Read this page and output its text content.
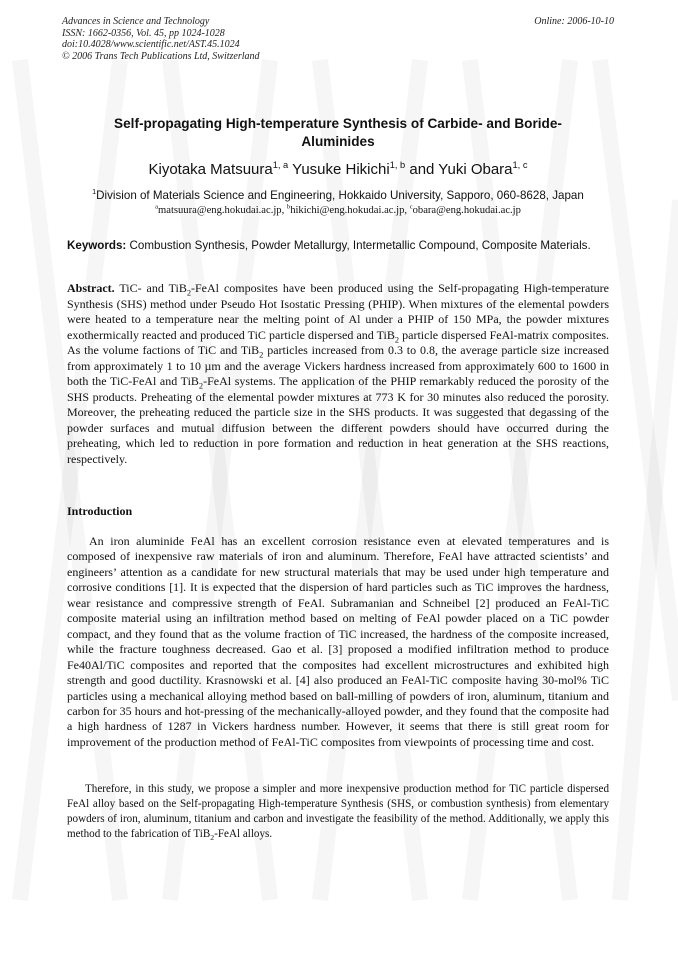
Advances in Science and Technology
ISSN: 1662-0356, Vol. 45, pp 1024-1028
doi:10.4028/www.scientific.net/AST.45.1024
© 2006 Trans Tech Publications Ltd, Switzerland
Online: 2006-10-10
Self-propagating High-temperature Synthesis of Carbide- and Boride-
Aluminides
Kiyotaka Matsuura$^{1, a}$ Yusuke Hikichi$^{1, b}$ and Yuki Obara$^{1, c}$
$^1$Division of Materials Science and Engineering, Hokkaido University, Sapporo, 060-8628, Japan
$^a$matsuura@eng.hokudai.ac.jp, $^b$hikichi@eng.hokudai.ac.jp, $^c$obara@eng.hokudai.ac.jp
Keywords: Combustion Synthesis, Powder Metallurgy, Intermetallic Compound, Composite Materials.
Abstract. TiC- and TiB$_2$-FeAl composites have been produced using the Self-propagating High-temperature Synthesis (SHS) method under Pseudo Hot Isostatic Pressing (PHIP). When mixtures of the elemental powders were heated to a temperature near the melting point of Al under a PHIP of 150 MPa, the powder mixtures exothermically reacted and produced TiC particle dispersed and TiB$_2$ particle dispersed FeAl-matrix composites. As the volume factions of TiC and TiB$_2$ particles increased from 0.3 to 0.8, the average particle size increased from approximately 1 to 10 µm and the average Vickers hardness increased from approximately 600 to 1600 in both the TiC-FeAl and TiB$_2$-FeAl systems. The application of the PHIP remarkably reduced the porosity of the SHS products. Preheating of the elemental powder mixtures at 773 K for 30 minutes also reduced the porosity. Moreover, the preheating reduced the particle size in the SHS products. It was suggested that degassing of the powder surfaces and mutual diffusion between the different powders should have occurred during the preheating, which led to reduction in pore formation and reduction in heat generation at the SHS reactions, respectively.
Introduction

An iron aluminide FeAl has an excellent corrosion resistance even at elevated temperatures and is composed of inexpensive raw materials of iron and aluminum. Therefore, FeAl have attracted scientists’ and engineers’ attention as a candidate for new structural materials that may be used under high temperature and corrosive conditions [1]. It is expected that the dispersion of hard particles such as TiC improves the hardness, wear resistance and compressive strength of FeAl. Subramanian and Schneibel [2] produced an FeAl-TiC composite material using an infiltration method based on melting of FeAl powder placed on a TiC powder compact, and they found that as the volume fraction of TiC increased, the hardness of the composite increased, while the fracture toughness decreased. Gao et al. [3] proposed a modified infiltration method to produce Fe40Al/TiC composites and reported that the composites had excellent microstructures and exhibited high strength and good ductility. Krasnowski et al. [4] also produced an FeAl-TiC composite having 30-mol% TiC particles using a mechanical alloying method based on ball-milling of powders of iron, aluminum, titanium and carbon for 35 hours and hot-pressing of the mechanically-alloyed powder, and they found that the composite had a high hardness of 1287 in Vickers hardness number. However, it seems that there is still great room for improvement of the production method of FeAl-TiC composites from viewpoints of processing time and cost.

Therefore, in this study, we propose a simpler and more inexpensive production method for TiC particle dispersed FeAl alloy based on the Self-propagating High-temperature Synthesis (SHS, or combustion synthesis) from elementary powders of iron, aluminum, titanium and carbon and investigate the feasibility of the method. Additionally, we apply this method to the fabrication of TiB$_2$-FeAl alloys.
